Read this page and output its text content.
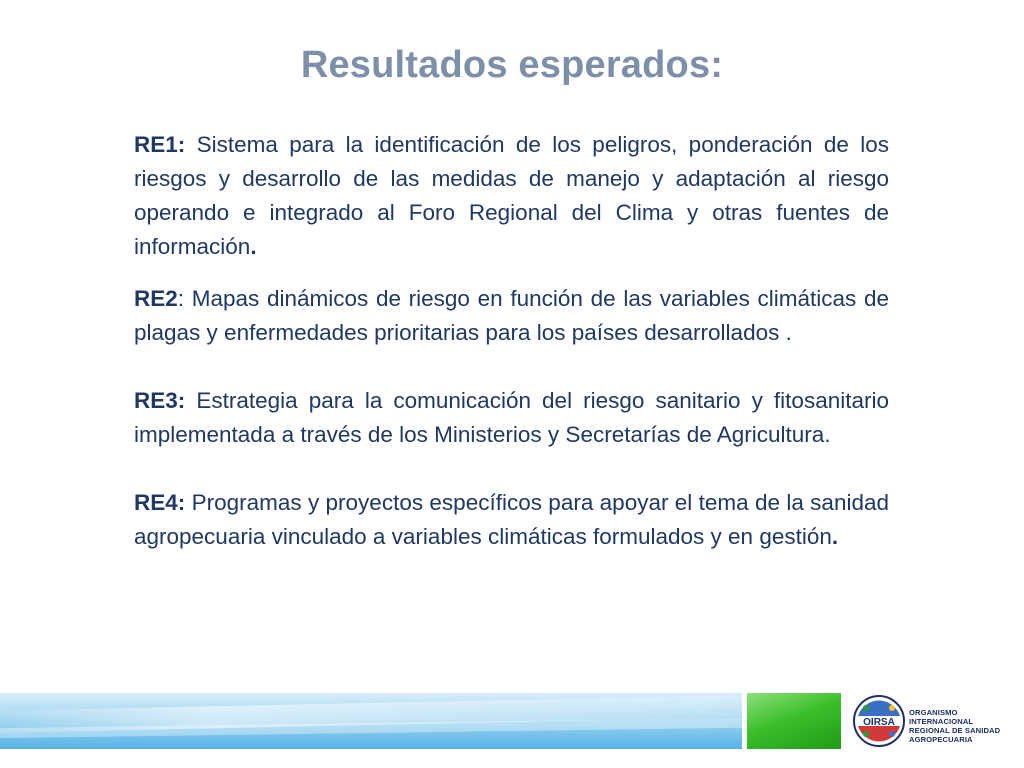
Resultados esperados:

RE1: Sistema para la identificación de los peligros, ponderación de los riesgos y desarrollo de las medidas de manejo y adaptación al riesgo operando e integrado al Foro Regional del Clima y otras fuentes de información.

RE2: Mapas dinámicos de riesgo en función de las variables climáticas de plagas y enfermedades prioritarias para los países desarrollados .

RE3: Estrategia para la comunicación del riesgo sanitario y fitosanitario implementada a través de los Ministerios y Secretarías de Agricultura.

RE4: Programas y proyectos específicos para apoyar el tema de la sanidad agropecuaria vinculado a variables climáticas formulados y en gestión.

OIRSA
ORGANISMO INTERNACIONAL
REGIONAL DE SANIDAD
AGROPECUARIA
